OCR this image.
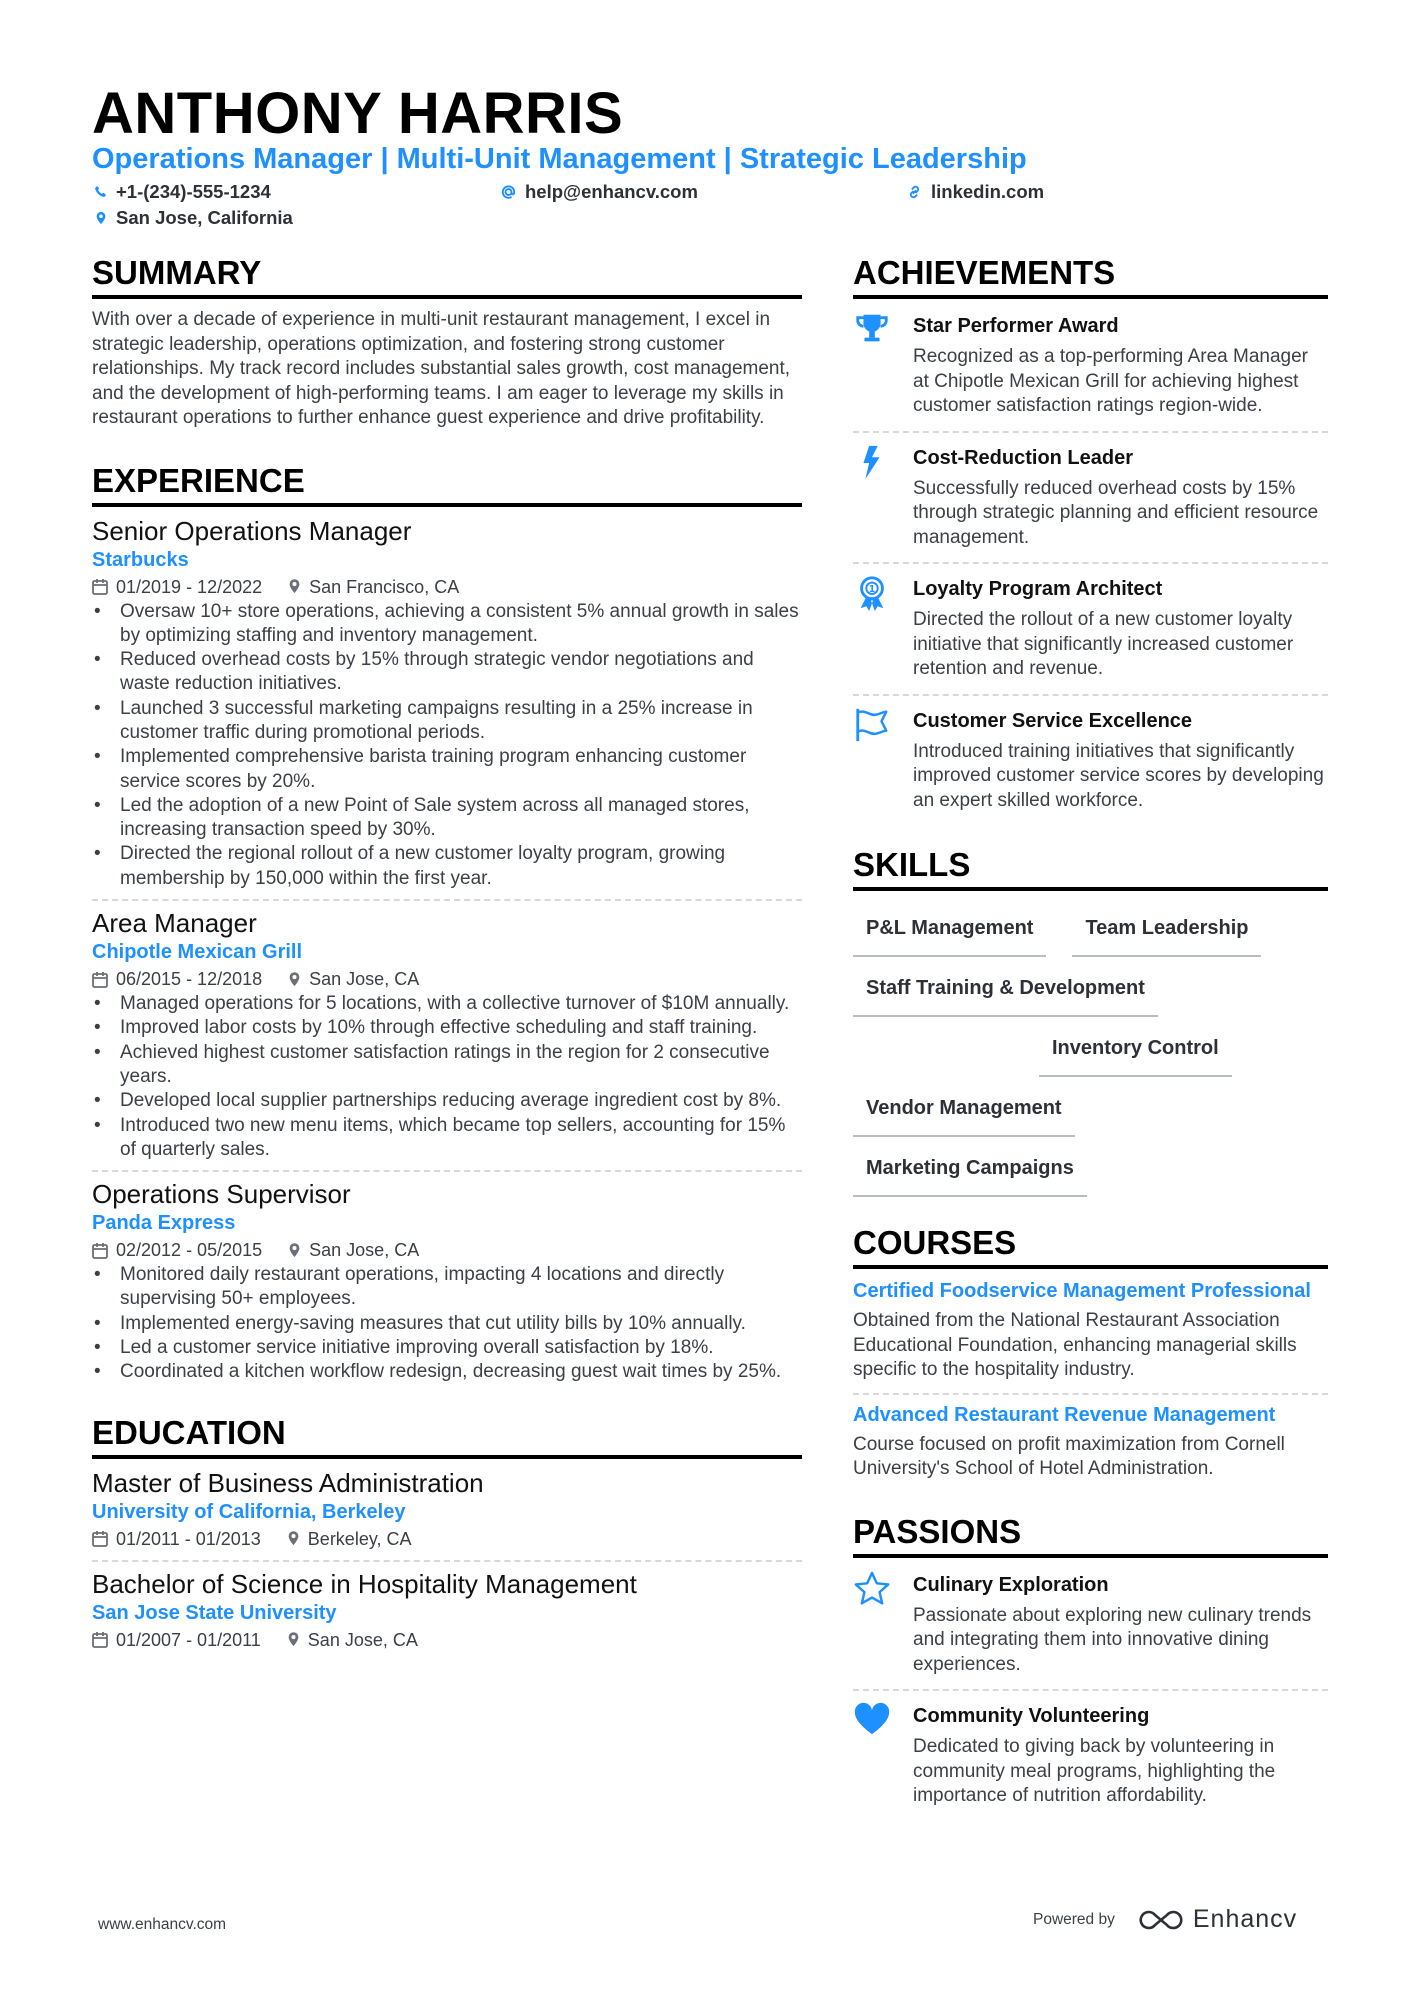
ANTHONY HARRIS
Operations Manager | Multi-Unit Management | Strategic Leadership
+1-(234)-555-1234	help@enhancv.com	linkedin.com
San Jose, California
SUMMARY
With over a decade of experience in multi-unit restaurant management, I excel in strategic leadership, operations optimization, and fostering strong customer relationships. My track record includes substantial sales growth, cost management, and the development of high-performing teams. I am eager to leverage my skills in restaurant operations to further enhance guest experience and drive profitability.
EXPERIENCE
Senior Operations Manager
Starbucks
01/2019 - 12/2022	San Francisco, CA
• Oversaw 10+ store operations, achieving a consistent 5% annual growth in sales by optimizing staffing and inventory management.
• Reduced overhead costs by 15% through strategic vendor negotiations and waste reduction initiatives.
• Launched 3 successful marketing campaigns resulting in a 25% increase in customer traffic during promotional periods.
• Implemented comprehensive barista training program enhancing customer service scores by 20%.
• Led the adoption of a new Point of Sale system across all managed stores, increasing transaction speed by 30%.
• Directed the regional rollout of a new customer loyalty program, growing membership by 150,000 within the first year.
Area Manager
Chipotle Mexican Grill
06/2015 - 12/2018	San Jose, CA
• Managed operations for 5 locations, with a collective turnover of $10M annually.
• Improved labor costs by 10% through effective scheduling and staff training.
• Achieved highest customer satisfaction ratings in the region for 2 consecutive years.
• Developed local supplier partnerships reducing average ingredient cost by 8%.
• Introduced two new menu items, which became top sellers, accounting for 15% of quarterly sales.
Operations Supervisor
Panda Express
02/2012 - 05/2015	San Jose, CA
• Monitored daily restaurant operations, impacting 4 locations and directly supervising 50+ employees.
• Implemented energy-saving measures that cut utility bills by 10% annually.
• Led a customer service initiative improving overall satisfaction by 18%.
• Coordinated a kitchen workflow redesign, decreasing guest wait times by 25%.
EDUCATION
Master of Business Administration
University of California, Berkeley
01/2011 - 01/2013	Berkeley, CA
Bachelor of Science in Hospitality Management
San Jose State University
01/2007 - 01/2011	San Jose, CA
ACHIEVEMENTS
Star Performer Award
Recognized as a top-performing Area Manager at Chipotle Mexican Grill for achieving highest customer satisfaction ratings region-wide.
Cost-Reduction Leader
Successfully reduced overhead costs by 15% through strategic planning and efficient resource management.
1 Loyalty Program Architect
Directed the rollout of a new customer loyalty initiative that significantly increased customer retention and revenue.
Customer Service Excellence
Introduced training initiatives that significantly improved customer service scores by developing an expert skilled workforce.
SKILLS
P&L Management	Team Leadership
Staff Training & Development
Inventory Control
Vendor Management
Marketing Campaigns
COURSES
Certified Foodservice Management Professional
Obtained from the National Restaurant Association Educational Foundation, enhancing managerial skills specific to the hospitality industry.
Advanced Restaurant Revenue Management
Course focused on profit maximization from Cornell University's School of Hotel Administration.
PASSIONS
Culinary Exploration
Passionate about exploring new culinary trends and integrating them into innovative dining experiences.
Community Volunteering
Dedicated to giving back by volunteering in community meal programs, highlighting the importance of nutrition affordability.
www.enhancv.com	Powered by	Enhancv
